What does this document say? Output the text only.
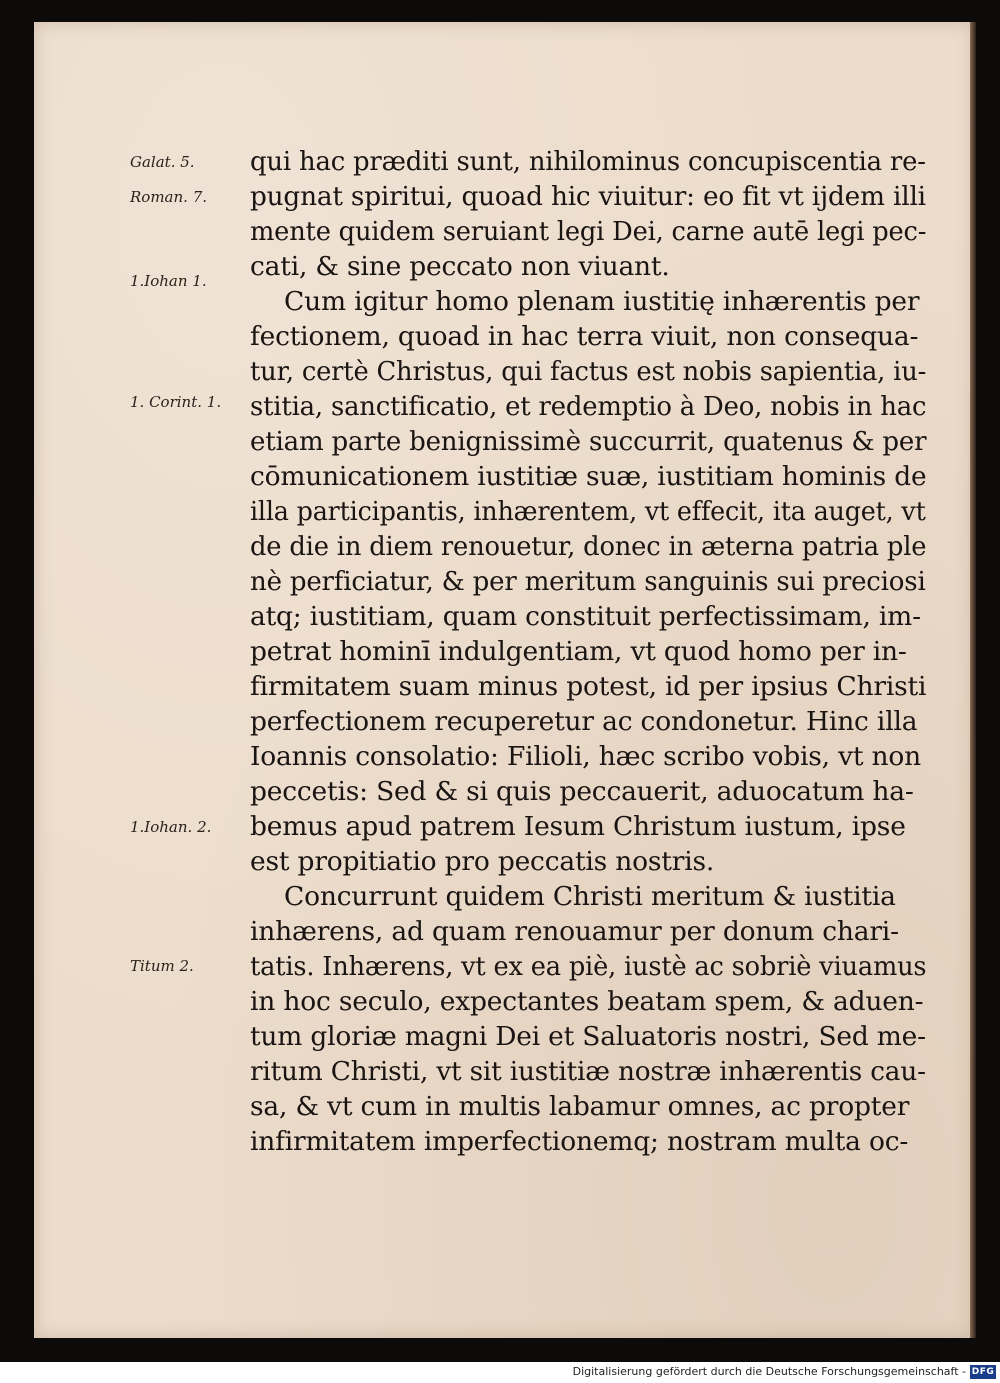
Galat. 5.

Roman. 7.

1.Iohan 1.

1. Corint. 1.

1.Iohan. 2.

Titum 2.

qui hac præditi sunt, nihilominus concupiscentia re-

pugnat spiritui, quoad hic viuitur: eo fit vt ijdem illi

mente quidem seruiant legi Dei, carne autē legi pec-

cati, & sine peccato non viuant.

Cum igitur homo plenam iustitię inhærentis per

fectionem, quoad in hac terra viuit, non consequa-

tur, certè Christus, qui factus est nobis sapientia, iu-

stitia, sanctificatio, et redemptio à Deo, nobis in hac

etiam parte benignissimè succurrit, quatenus & per

cōmunicationem iustitiæ suæ, iustitiam hominis de

illa participantis, inhærentem, vt effecit, ita auget, vt

de die in diem renouetur, donec in æterna patria ple

nè perficiatur, & per meritum sanguinis sui preciosi

atq; iustitiam, quam constituit perfectissimam, im-

petrat hominī indulgentiam, vt quod homo per in-

firmitatem suam minus potest, id per ipsius Christi

perfectionem recuperetur ac condonetur. Hinc illa

Ioannis consolatio: Filioli, hæc scribo vobis, vt non

peccetis: Sed & si quis peccauerit, aduocatum ha-

bemus apud patrem Iesum Christum iustum, ipse

est propitiatio pro peccatis nostris.

Concurrunt quidem Christi meritum & iustitia

inhærens, ad quam renouamur per donum chari-

tatis. Inhærens, vt ex ea piè, iustè ac sobriè viuamus

in hoc seculo, expectantes beatam spem, & aduen-

tum gloriæ magni Dei et Saluatoris nostri, Sed me-

ritum Christi, vt sit iustitiæ nostræ inhærentis cau-

sa, & vt cum in multis labamur omnes, ac propter

infirmitatem imperfectionemq; nostram multa oc-

Digitalisierung gefördert durch die Deutsche Forschungsgemeinschaft - DFG
